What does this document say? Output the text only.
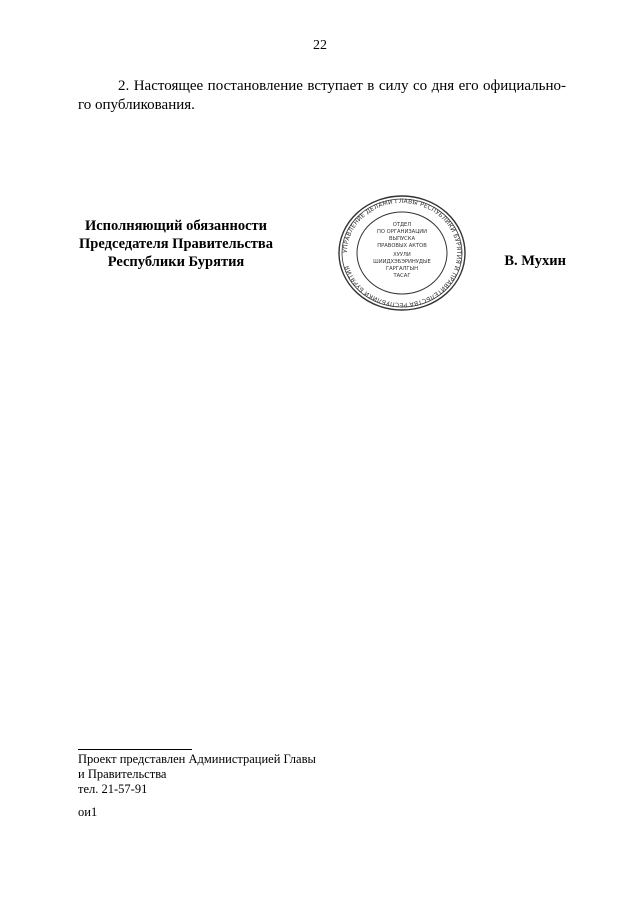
22
2. Настоящее постановление вступает в силу со дня его официально-
го опубликования.
Исполняющий обязанности
Председателя Правительства
Республики Бурятия
УПРАВЛЕНИЕ ДЕЛАМИ ГЛАВЫ РЕСПУБЛИКИ БУРЯТИЯ И ПРАВИТЕЛЬСТВА РЕСПУБЛИКИ БУРЯТИЯ
ОТДЕЛ
ПО ОРГАНИЗАЦИИ
ВЫПУСКА
ПРАВОВЫХ АКТОВ
ХУУЛИ
ШИИДХЭБЭРИНУДЫЕ
ГАРГАЛГЫН
ТАСАГ
В. Мухин
Проект представлен Администрацией Главы
и Правительства
тел. 21-57-91
ои1
